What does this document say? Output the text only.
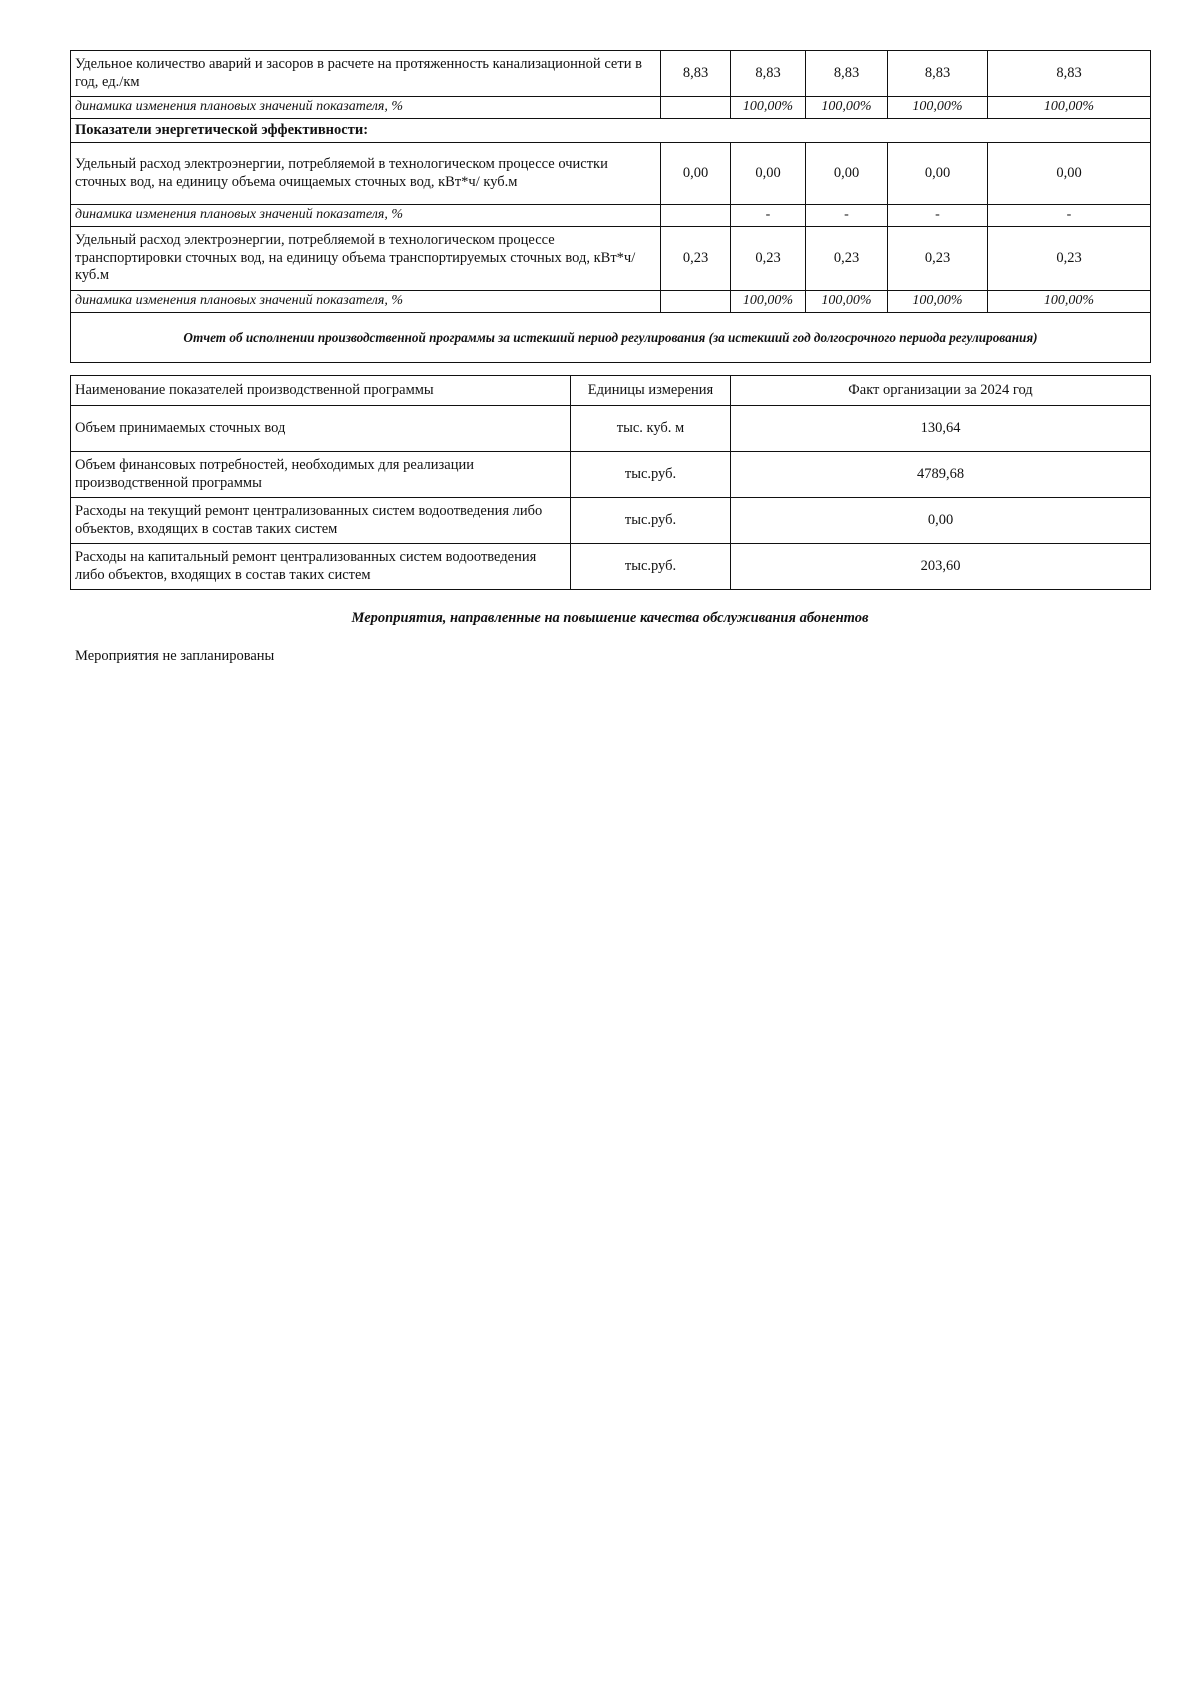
Удельное количество аварий и засоров в расчете на протяженность канализационной сети в год, ед./км	8,83	8,83	8,83	8,83	8,83
динамика изменения плановых значений показателя, %		100,00%	100,00%	100,00%	100,00%
Показатели энергетической эффективности:					
Удельный расход электроэнергии, потребляемой в технологическом процессе очистки сточных вод, на единицу объема очищаемых сточных вод, кВт*ч/ куб.м	0,00	0,00	0,00	0,00	0,00
динамика изменения плановых значений показателя, %		-	-	-	-
Удельный расход электроэнергии, потребляемой в технологическом процессе транспортировки сточных вод, на единицу объема транспортируемых сточных вод, кВт*ч/ куб.м	0,23	0,23	0,23	0,23	0,23
динамика изменения плановых значений показателя, %		100,00%	100,00%	100,00%	100,00%
Отчет об исполнении производственной программы за истекший период регулирования (за истекший год долгосрочного периода регулирования)					
Наименование показателей производственной программы	Единицы измерения	Факт организации за 2024 год
Объем принимаемых сточных вод	тыс. куб. м	130,64
Объем финансовых потребностей, необходимых для реализации производственной программы	тыс.руб.	4789,68
Расходы на текущий ремонт централизованных систем водоотведения либо объектов, входящих в состав таких систем	тыс.руб.	0,00
Расходы на капитальный ремонт централизованных систем водоотведения либо объектов, входящих в состав таких систем	тыс.руб.	203,60
Мероприятия, направленные на повышение качества обслуживания абонентов
Мероприятия не запланированы
